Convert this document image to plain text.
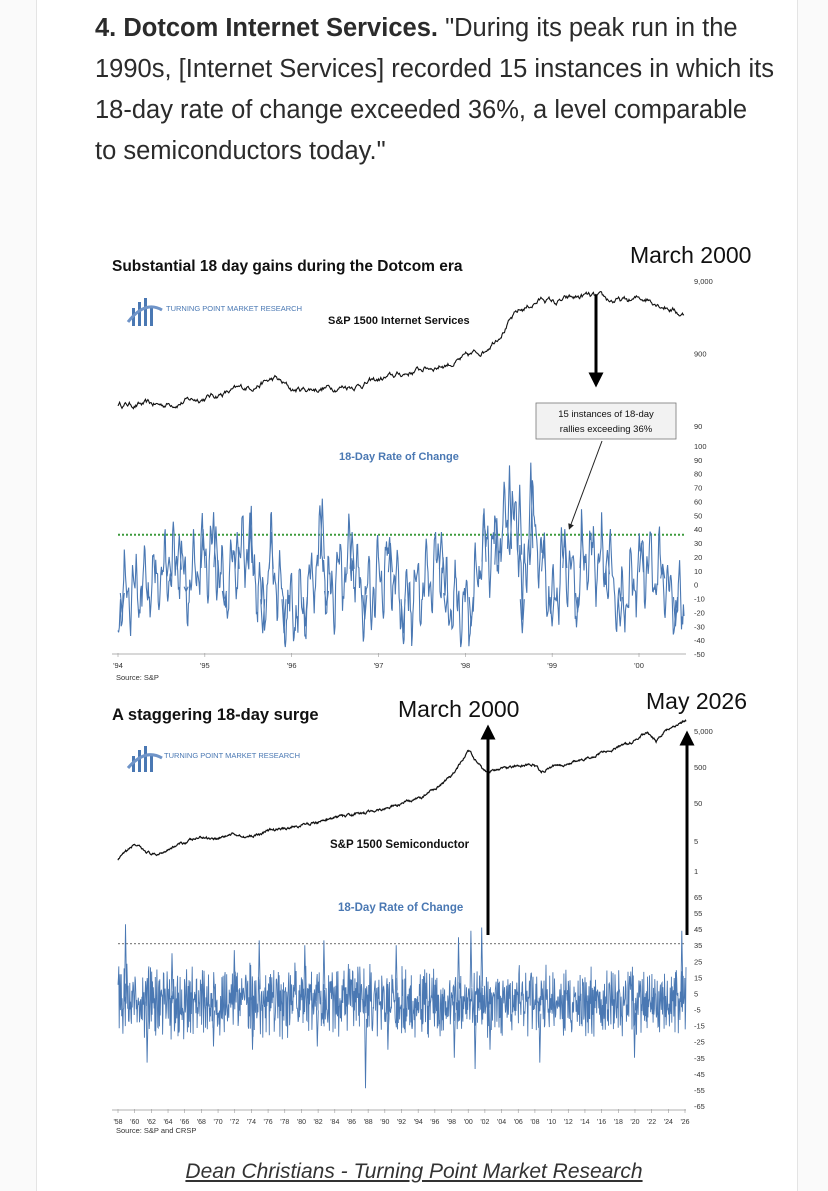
4. Dotcom Internet Services. "During its peak run in the 1990s, [Internet Services] recorded 15 instances in which its 18-day rate of change exceeded 36%, a level comparable to semiconductors today."
Substantial 18 day gains during the Dotcom era
TURNING POINT MARKET RESEARCH
S&P 1500 Internet Services
18-Day Rate of Change
9,000
900
90
100
90
80
70
60
50
40
30
20
10
0
-10
-20
-30
-40
-50
'94	'95	'96	'97	'98	'99	'00
Source: S&P
15 instances of 18-day
rallies exceeding 36%
March 2000
A staggering 18-day surge
TURNING POINT MARKET RESEARCH
S&P 1500 Semiconductor
18-Day Rate of Change
5,000
500
50
5
1
65
55
45
35
25
15
5
-5
-15
-25
-35
-45
-55
-65
'58 '60 '62 '64 '66 '68 '70 '72 '74 '76 '78 '80 '82 '84 '86 '88 '90 '92 '94 '96 '98 '00 '02 '04 '06 '08 '10 '12 '14 '16 '18 '20 '22 '24 '26
Source: S&P and CRSP
March 2000	May 2026
Dean Christians - Turning Point Market Research
